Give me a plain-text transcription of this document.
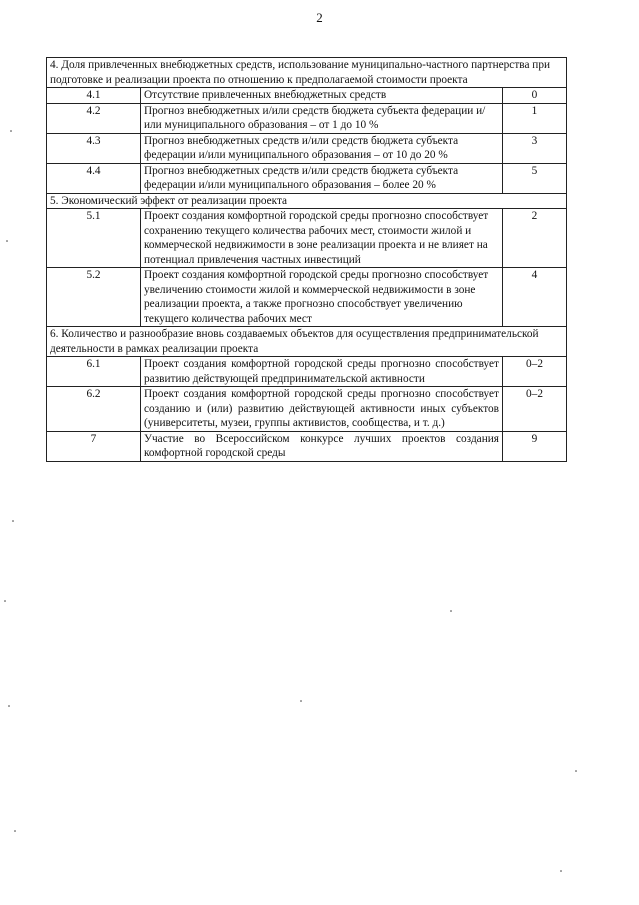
2
4. Доля привлеченных внебюджетных средств, использование муниципально-частного партнерства при подготовке и реализации проекта по отношению к предполагаемой стоимости проекта		
4.1	Отсутствие привлеченных внебюджетных средств	0
4.2	Прогноз внебюджетных и/или средств бюджета субъекта федерации и/или муниципального образования – от 1 до 10 %	1
4.3	Прогноз внебюджетных средств и/или средств бюджета субъекта федерации и/или муниципального образования – от 10 до 20 %	3
4.4	Прогноз внебюджетных средств и/или средств бюджета субъекта федерации и/или муниципального образования – более 20 %	5
5. Экономический эффект от реализации проекта		
5.1	Проект создания комфортной городской среды прогнозно способствует сохранению текущего количества рабочих мест, стоимости жилой и коммерческой недвижимости в зоне реализации проекта и не влияет на потенциал привлечения частных инвестиций	2
5.2	Проект создания комфортной городской среды прогнозно способствует увеличению стоимости жилой и коммерческой недвижимости в зоне реализации проекта, а также прогнозно способствует увеличению текущего количества рабочих мест	4
6. Количество и разнообразие вновь создаваемых объектов для осуществления предпринимательской деятельности в рамках реализации проекта		
6.1	Проект создания комфортной городской среды прогнозно способствует развитию действующей предпринимательской активности	0–2
6.2	Проект создания комфортной городской среды прогнозно способствует созданию и (или) развитию действующей активности иных субъектов (университеты, музеи, группы активистов, сообщества, и т. д.)	0–2
7	Участие во Всероссийском конкурсе лучших проектов создания комфортной городской среды	9
